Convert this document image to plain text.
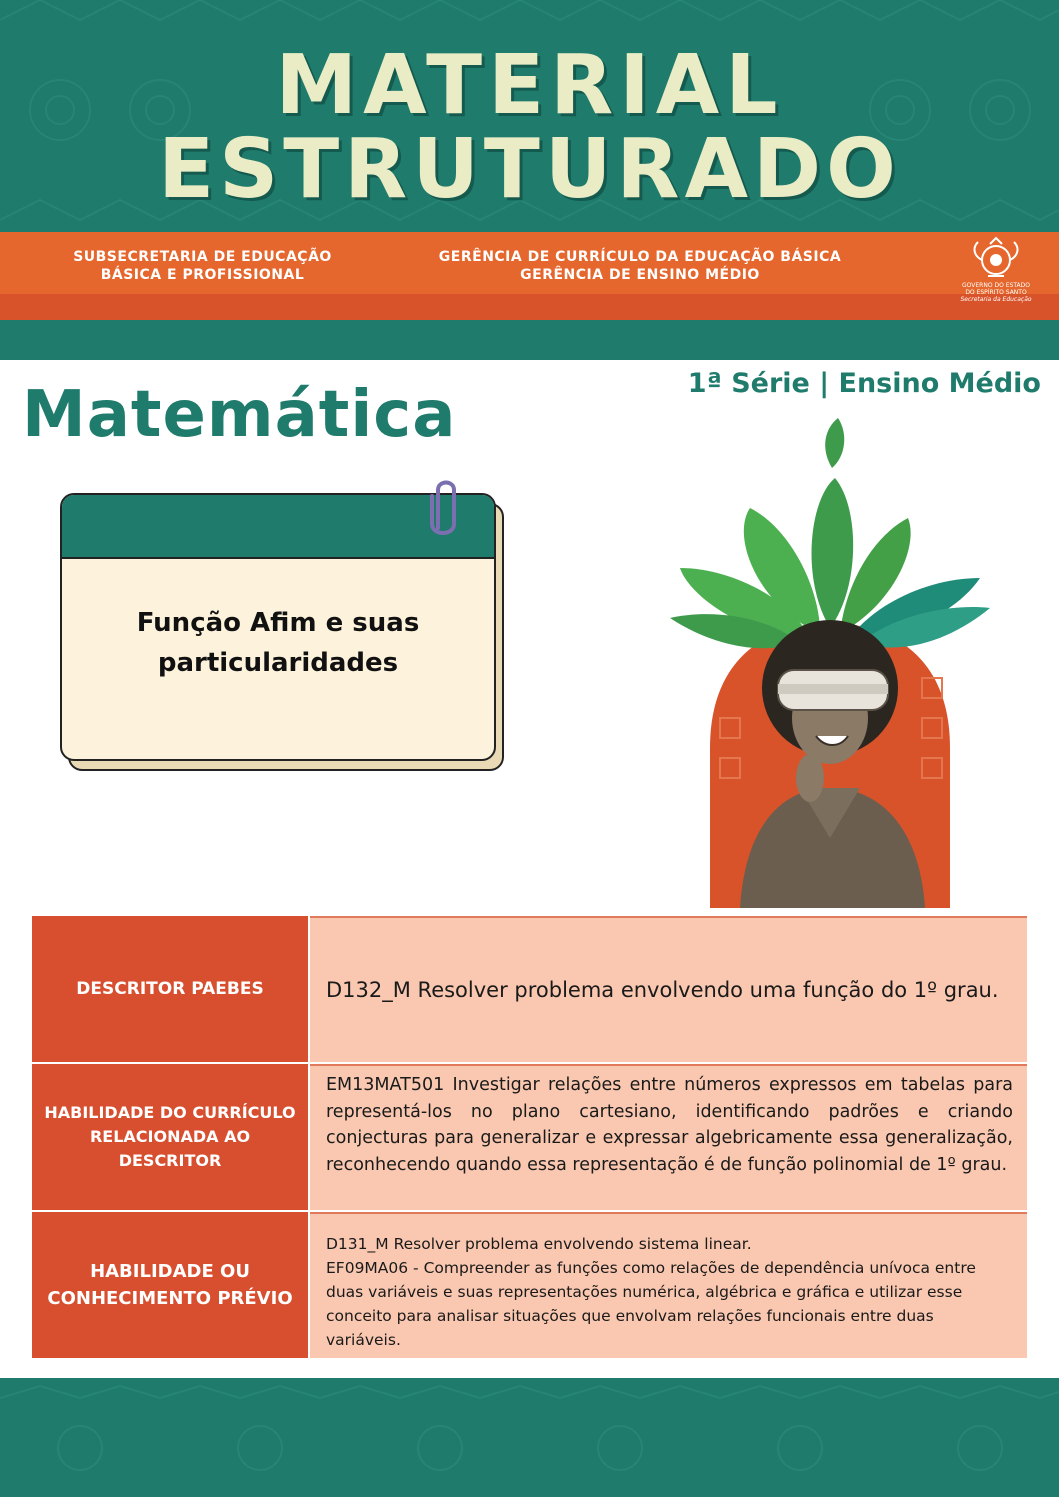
MATERIAL
ESTRUTURADO
SUBSECRETARIA DE EDUCAÇÃO BÁSICA E PROFISSIONAL
GERÊNCIA DE CURRÍCULO DA EDUCAÇÃO BÁSICA
GERÊNCIA DE ENSINO MÉDIO
GOVERNO DO ESTADO
DO ESPÍRITO SANTO
Secretaria da Educação
1ª Série | Ensino Médio
Matemática
Função Afim e suas particularidades
DESCRITOR PAEBES	D132_M Resolver problema envolvendo uma função do 1º grau.
HABILIDADE DO CURRÍCULO RELACIONADA AO DESCRITOR
EM13MAT501 Investigar relações entre números expressos em tabelas para representá-los no plano cartesiano, identificando padrões e criando conjecturas para generalizar e expressar algebricamente essa generalização, reconhecendo quando essa representação é de função polinomial de 1º grau.
HABILIDADE OU CONHECIMENTO PRÉVIO

D131_M Resolver problema envolvendo sistema linear.

EF09MA06 - Compreender as funções como relações de dependência unívoca entre duas variáveis e suas representações numérica, algébrica e gráfica e utilizar esse conceito para analisar situações que envolvam relações funcionais entre duas variáveis.
